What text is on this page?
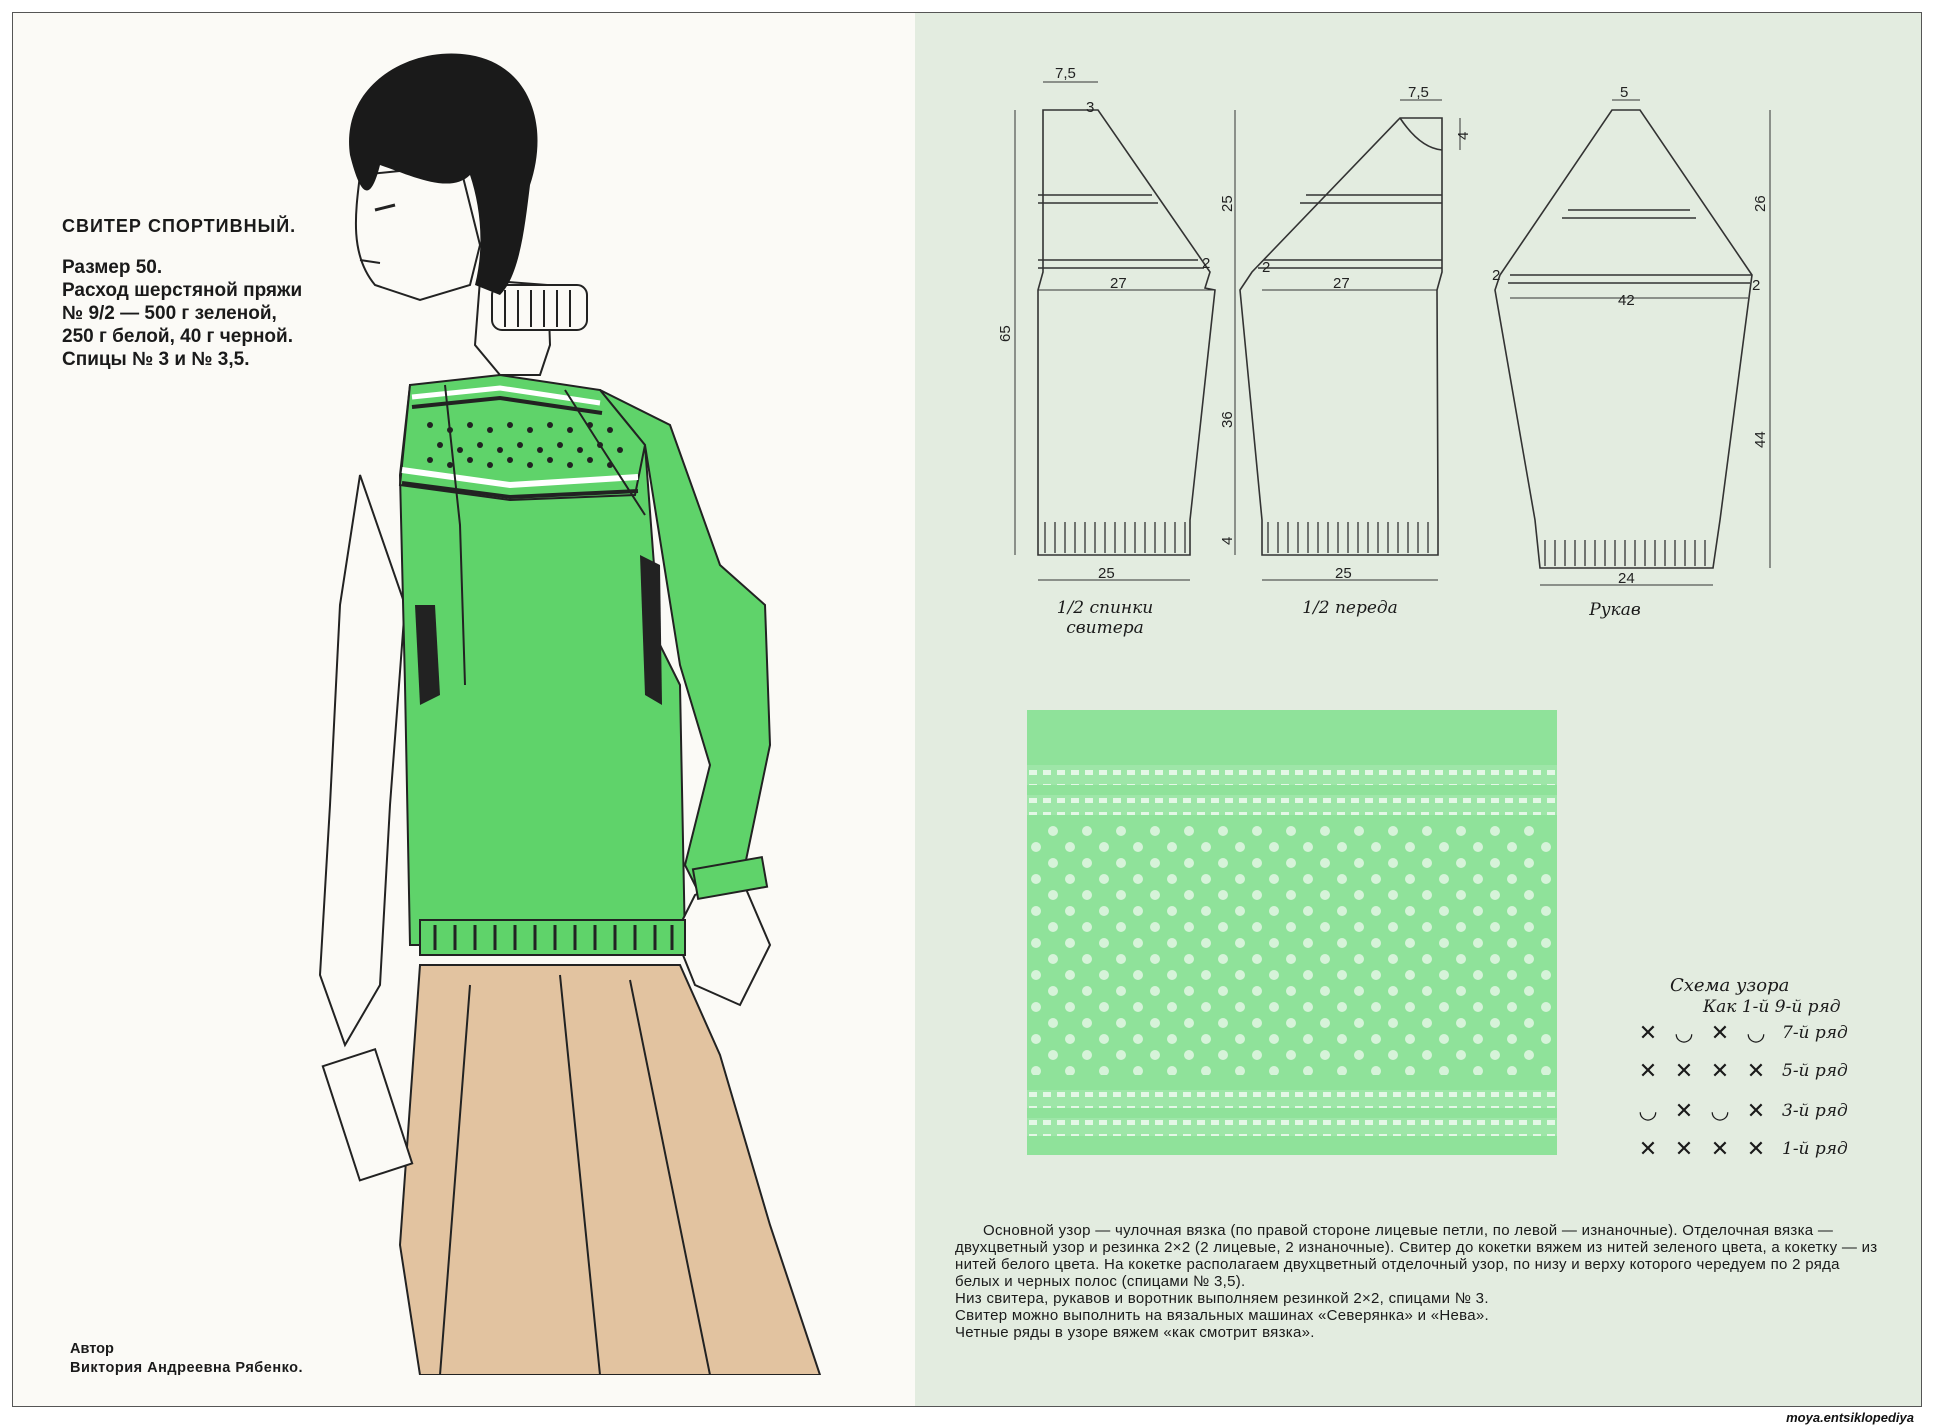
СВИТЕР СПОРТИВНЫЙ.
Размер 50.
Расход шерстяной пряжи
№ 9/2 — 500 г зеленой,
250 г белой, 40 г черной.
Спицы № 3 и № 3,5.
Автор
Виктория Андреевна Рябенко.
7,5
3
7,5
4
5
65
25
36
4
27	27
25	25
42
24
26
44
2	2	2
2
1/2 спинки
свитера
1/2 переда	Рукав
Схема узора
Как 1-й 9-й ряд
✕ ◡ ✕ ◡ 7-й ряд
✕ ✕ ✕ ✕ 5-й ряд
◡ ✕ ◡ ✕ 3-й ряд
✕ ✕ ✕ ✕ 1-й ряд

Основной узор — чулочная вязка (по правой стороне лицевые петли, по левой — изнаночные). Отделочная вязка — двухцветный узор и резинка 2×2 (2 лицевые, 2 изнаночные). Свитер до кокетки вяжем из нитей зеленого цвета, а кокетку — из нитей белого цвета. На кокетке располагаем двухцветный отделочный узор, по низу и верху которого чередуем по 2 ряда белых и черных полос (спицами № 3,5).

Низ свитера, рукавов и воротник выполняем резинкой 2×2, спицами № 3.

Свитер можно выполнить на вязальных машинах «Северянка» и «Нева».

Четные ряды в узоре вяжем «как смотрит вязка».

moya.entsiklopediya
